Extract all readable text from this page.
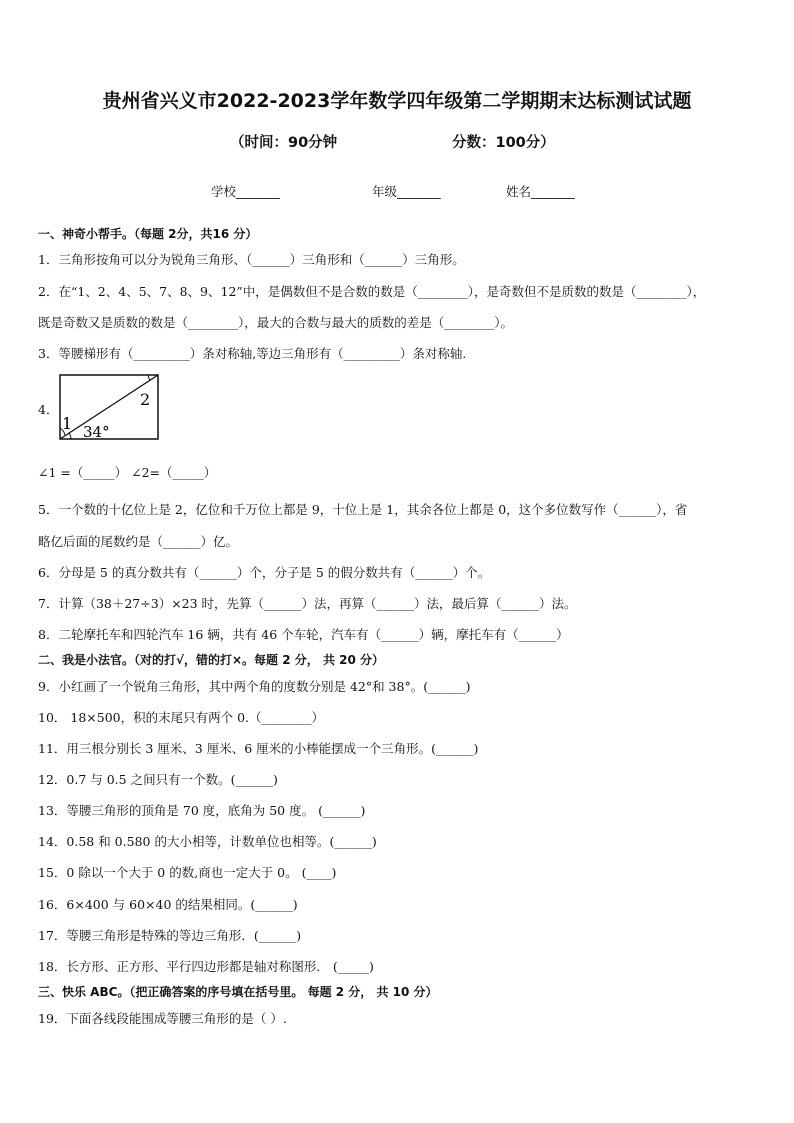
贵州省兴义市2022-2023学年数学四年级第二学期期末达标测试试题
（时间：90分钟	分数：100分）
学校_______	年级_______	姓名_______
一、神奇小帮手。（每题 2分，共16 分）
1．三角形按角可以分为锐角三角形、（______）三角形和（______）三角形。
2．在“1、2、4、5、7、8、9、12”中，是偶数但不是合数的数是（________），是奇数但不是质数的数是（________），
既是奇数又是质数的数是（________），最大的合数与最大的质数的差是（________）。
3．等腰梯形有（_________）条对称轴,等边三角形有（_________）条对称轴.
4．
1
2
34°
∠1 =（_____） ∠2=（_____）
5．一个数的十亿位上是 2，亿位和千万位上都是 9，十位上是 1，其余各位上都是 0，这个多位数写作（______），省
略亿后面的尾数约是（______）亿。
6．分母是 5 的真分数共有（______）个，分子是 5 的假分数共有（______）个。
7．计算（38＋27÷3）×23 时，先算（______）法，再算（______）法，最后算（______）法。
8．二轮摩托车和四轮汽车 16 辆，共有 46 个车轮，汽车有（______）辆，摩托车有（______）
二、我是小法官。（对的打√，错的打×。每题 2 分， 共 20 分）
9．小红画了一个锐角三角形，其中两个角的度数分别是 42°和 38°。(______)
10． 18×500，积的末尾只有两个 0.（________）
11．用三根分别长 3 厘米、3 厘米、6 厘米的小棒能摆成一个三角形。(______)
12．0.7 与 0.5 之间只有一个数。(______)
13．等腰三角形的顶角是 70 度，底角为 50 度。 (______)
14．0.58 和 0.580 的大小相等，计数单位也相等。(______)
15．0 除以一个大于 0 的数,商也一定大于 0。 (____)
16．6×400 与 60×40 的结果相同。(______)
17．等腰三角形是特殊的等边三角形．(______)
18．长方形、正方形、平行四边形都是轴对称图形． (_____)
三、快乐 ABC。（把正确答案的序号填在括号里。 每题 2 分， 共 10 分）
19．下面各线段能围成等腰三角形的是（ ）.
